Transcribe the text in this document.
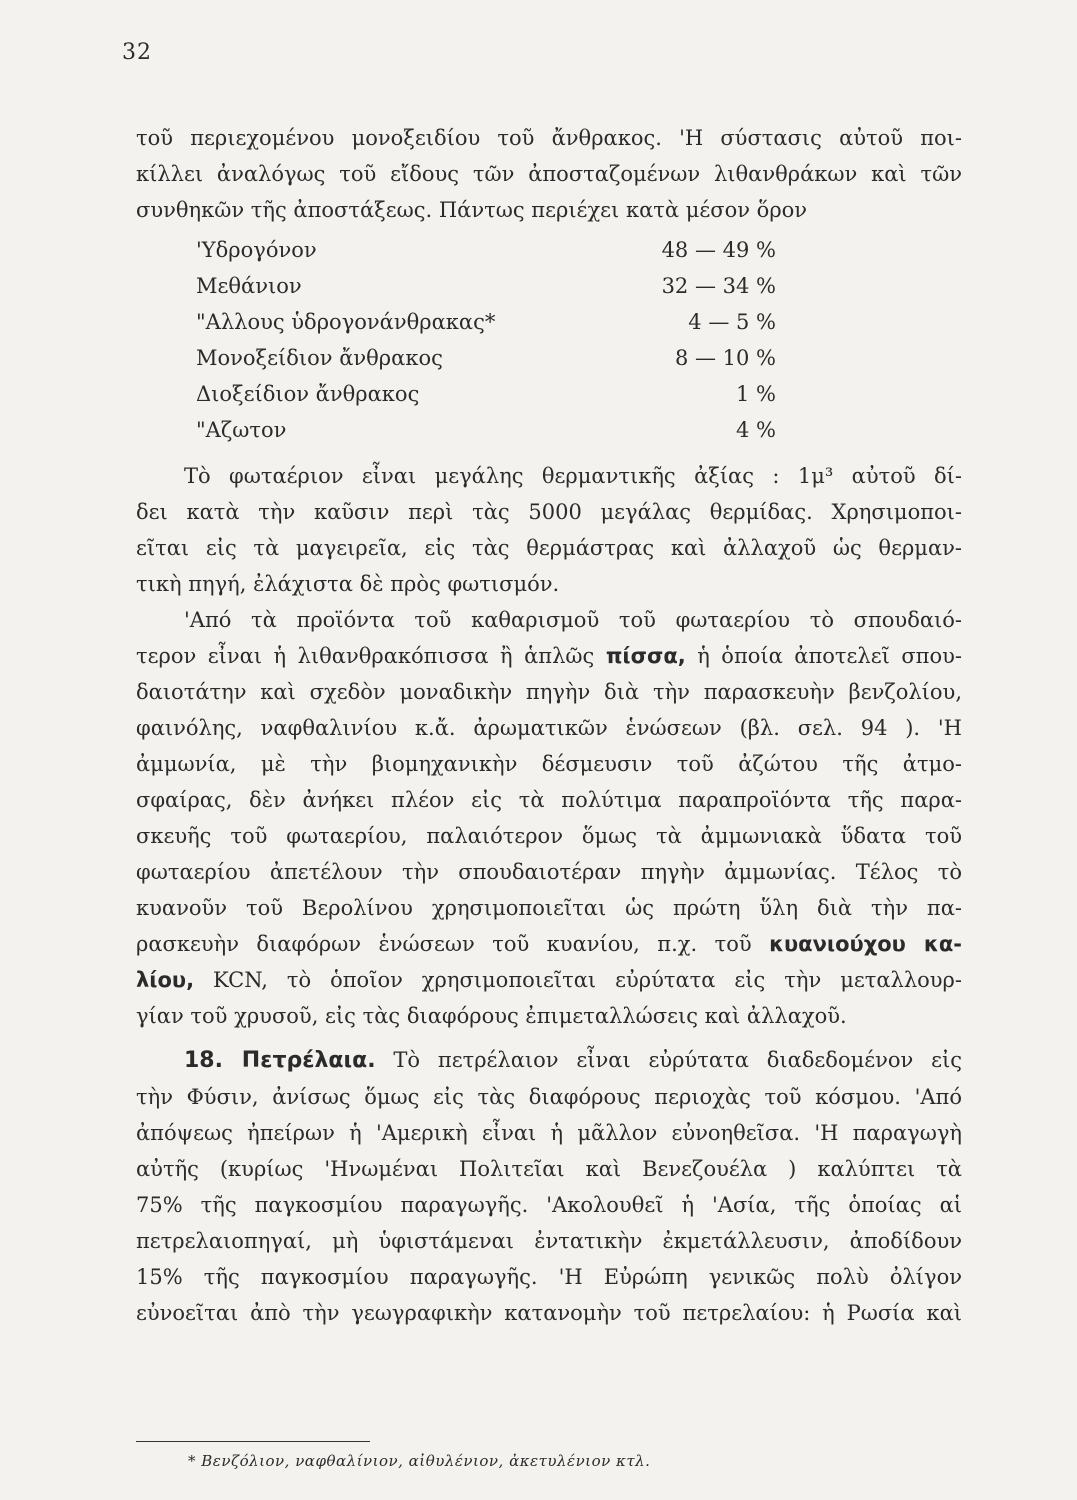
32
τοῦ περιεχομένου μονοξειδίου τοῦ ἄνθρακος. 'Η σύστασις αὐτοῦ ποι-
κίλλει ἀναλόγως τοῦ εἴδους τῶν ἀποσταζομένων λιθανθράκων καὶ τῶν
συνθηκῶν τῆς ἀποστάξεως. Πάντως περιέχει κατὰ μέσον ὅρον
'Υδρογόνον	48 — 49 %
Μεθάνιον	32 — 34 %
"Αλλους ὑδρογονάνθρακας*	4 — 5 %
Μονοξείδιον ἄνθρακος	8 — 10 %
Διοξείδιον ἄνθρακος	1 %
"Αζωτον	4 %
Τὸ φωταέριον εἶναι μεγάλης θερμαντικῆς ἀξίας : 1μ³ αὐτοῦ δί-
δει κατὰ τὴν καῦσιν περὶ τὰς 5000 μεγάλας θερμίδας. Χρησιμοποι-
εῖται εἰς τὰ μαγειρεῖα, εἰς τὰς θερμάστρας καὶ ἀλλαχοῦ ὡς θερμαν-
τικὴ πηγή, ἐλάχιστα δὲ πρὸς φωτισμόν.
'Από τὰ προϊόντα τοῦ καθαρισμοῦ τοῦ φωταερίου τὸ σπουδαιό-
τερον εἶναι ἡ λιθανθρακόπισσα ἢ ἁπλῶς πίσσα, ἡ ὁποία ἀποτελεῖ σπου-
δαιοτάτην καὶ σχεδὸν μοναδικὴν πηγὴν διὰ τὴν παρασκευὴν βενζολίου,
φαινόλης, ναφθαλινίου κ.ἄ. ἀρωματικῶν ἑνώσεων (βλ. σελ. 94 ). 'Η
ἀμμωνία, μὲ τὴν βιομηχανικὴν δέσμευσιν τοῦ ἀζώτου τῆς ἀτμο-
σφαίρας, δὲν ἀνήκει πλέον εἰς τὰ πολύτιμα παραπροϊόντα τῆς παρα-
σκευῆς τοῦ φωταερίου, παλαιότερον ὅμως τὰ ἀμμωνιακὰ ὕδατα τοῦ
φωταερίου ἀπετέλουν τὴν σπουδαιοτέραν πηγὴν ἀμμωνίας. Τέλος τὸ
κυανοῦν τοῦ Βερολίνου χρησιμοποιεῖται ὡς πρώτη ὕλη διὰ τὴν πα-
ρασκευὴν διαφόρων ἑνώσεων τοῦ κυανίου, π.χ. τοῦ κυανιούχου κα-
λίου, KCN, τὸ ὁποῖον χρησιμοποιεῖται εὐρύτατα εἰς τὴν μεταλλουρ-
γίαν τοῦ χρυσοῦ, εἰς τὰς διαφόρους ἐπιμεταλλώσεις καὶ ἀλλαχοῦ.
18. Πετρέλαια. Τὸ πετρέλαιον εἶναι εὐρύτατα διαδεδομένον εἰς
τὴν Φύσιν, ἀνίσως ὅμως εἰς τὰς διαφόρους περιοχὰς τοῦ κόσμου. 'Από
ἀπόψεως ἠπείρων ἡ 'Αμερικὴ εἶναι ἡ μᾶλλον εὐνοηθεῖσα. 'Η παραγωγὴ
αὐτῆς (κυρίως 'Ηνωμέναι Πολιτεῖαι καὶ Βενεζουέλα ) καλύπτει τὰ
75% τῆς παγκοσμίου παραγωγῆς. 'Ακολουθεῖ ἡ 'Ασία, τῆς ὁποίας αἱ
πετρελαιοπηγαί, μὴ ὑφιστάμεναι ἐντατικὴν ἐκμετάλλευσιν, ἀποδίδουν
15% τῆς παγκοσμίου παραγωγῆς. 'Η Εὐρώπη γενικῶς πολὺ ὀλίγον
εὐνοεῖται ἀπὸ τὴν γεωγραφικὴν κατανομὴν τοῦ πετρελαίου: ἡ Ρωσία καὶ
* Βενζόλιον, ναφθαλίνιον, αἰθυλένιον, ἀκετυλένιον κτλ.
